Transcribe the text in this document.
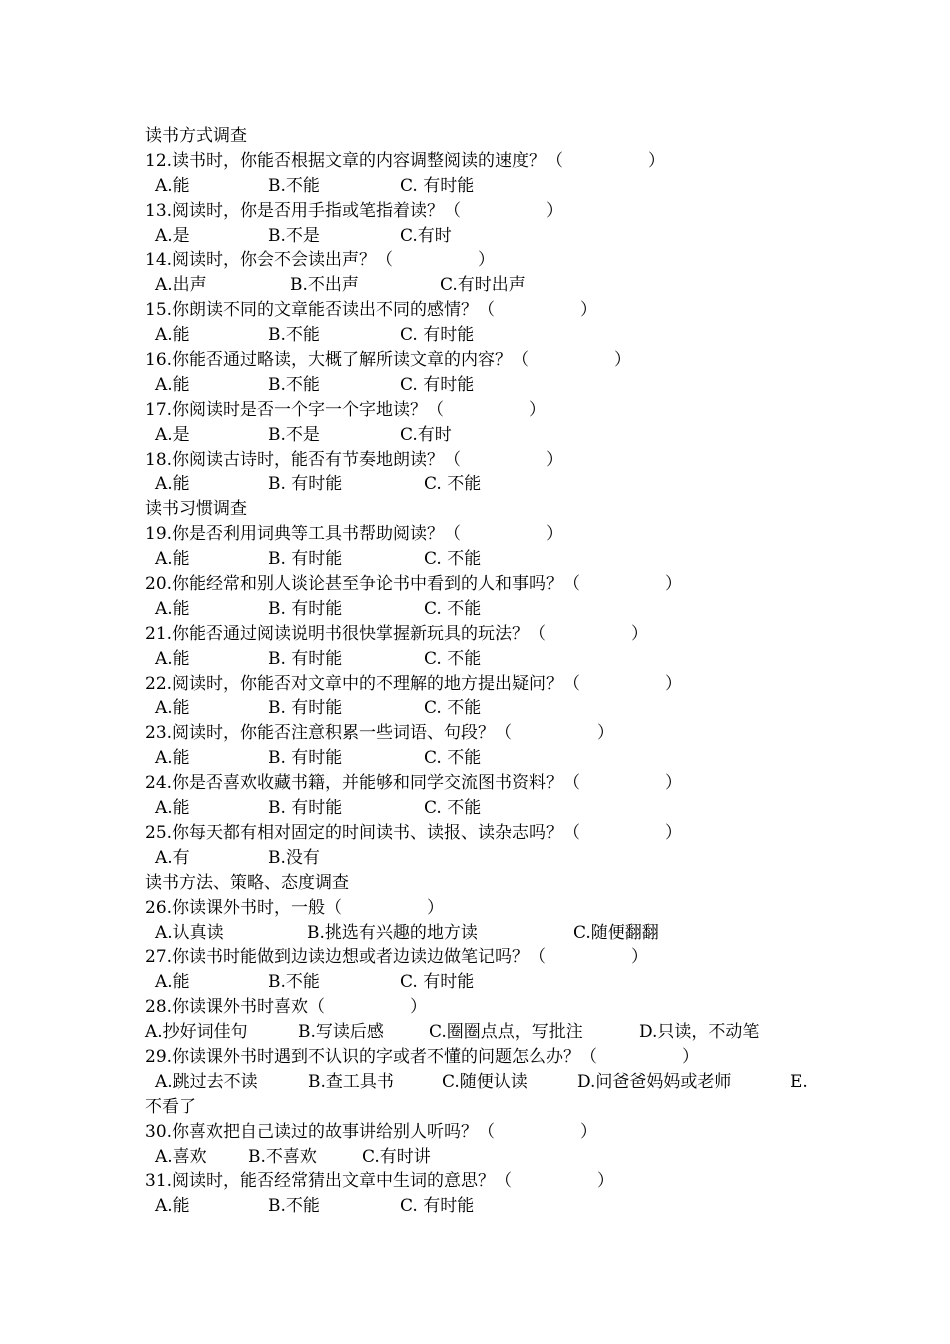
读书方式调查
12.读书时，你能否根据文章的内容调整阅读的速度？（　　　　　）

A.能

	B.不能

	C. 有时能

13.阅读时，你是否用手指或笔指着读？（　　　　　）

A.是

	B.不是

	C.有时

14.阅读时，你会不会读出声？（　　　　　）

A.出声

	B.不出声

	C.有时出声

15.你朗读不同的文章能否读出不同的感情？（　　　　　）

A.能

	B.不能

	C. 有时能

16.你能否通过略读，大概了解所读文章的内容？（　　　　　）

A.能

	B.不能

	C. 有时能

17.你阅读时是否一个字一个字地读？（　　　　　）

A.是

	B.不是

	C.有时

18.你阅读古诗时，能否有节奏地朗读？（　　　　　）

A.能

	B. 有时能

	C. 不能

读书习惯调查
19.你是否利用词典等工具书帮助阅读？（　　　　　）

A.能

	B. 有时能

	C. 不能

20.你能经常和别人谈论甚至争论书中看到的人和事吗？（　　　　　）

A.能

	B. 有时能

	C. 不能

21.你能否通过阅读说明书很快掌握新玩具的玩法？（　　　　　）

A.能

	B. 有时能

	C. 不能

22.阅读时，你能否对文章中的不理解的地方提出疑问？（　　　　　）

A.能

	B. 有时能

	C. 不能

23.阅读时，你能否注意积累一些词语、句段？（　　　　　）

A.能

	B. 有时能

	C. 不能

24.你是否喜欢收藏书籍，并能够和同学交流图书资料？（　　　　　）

A.能

	B. 有时能

	C. 不能

25.你每天都有相对固定的时间读书、读报、读杂志吗？（　　　　　）

A.有

	B.没有

读书方法、策略、态度调查
26.你读课外书时，一般（　　　　　）

A.认真读

	B.挑选有兴趣的地方读

	C.随便翻翻

27.你读书时能做到边读边想或者边读边做笔记吗？（　　　　　）

A.能

	B.不能

	C. 有时能

28.你读课外书时喜欢（　　　　　）

A.抄好词佳句

	B.写读后感

	C.圈圈点点，写批注

	D.只读，不动笔

29.你读课外书时遇到不认识的字或者不懂的问题怎么办？（　　　　　）

A.跳过去不读

	B.查工具书

	C.随便认读

	D.问爸爸妈妈或老师

	E.

不看了
30.你喜欢把自己读过的故事讲给别人听吗？（　　　　　）

A.喜欢

B.不喜欢

	C.有时讲

31.阅读时，能否经常猜出文章中生词的意思？（　　　　　）

A.能

	B.不能

	C. 有时能
